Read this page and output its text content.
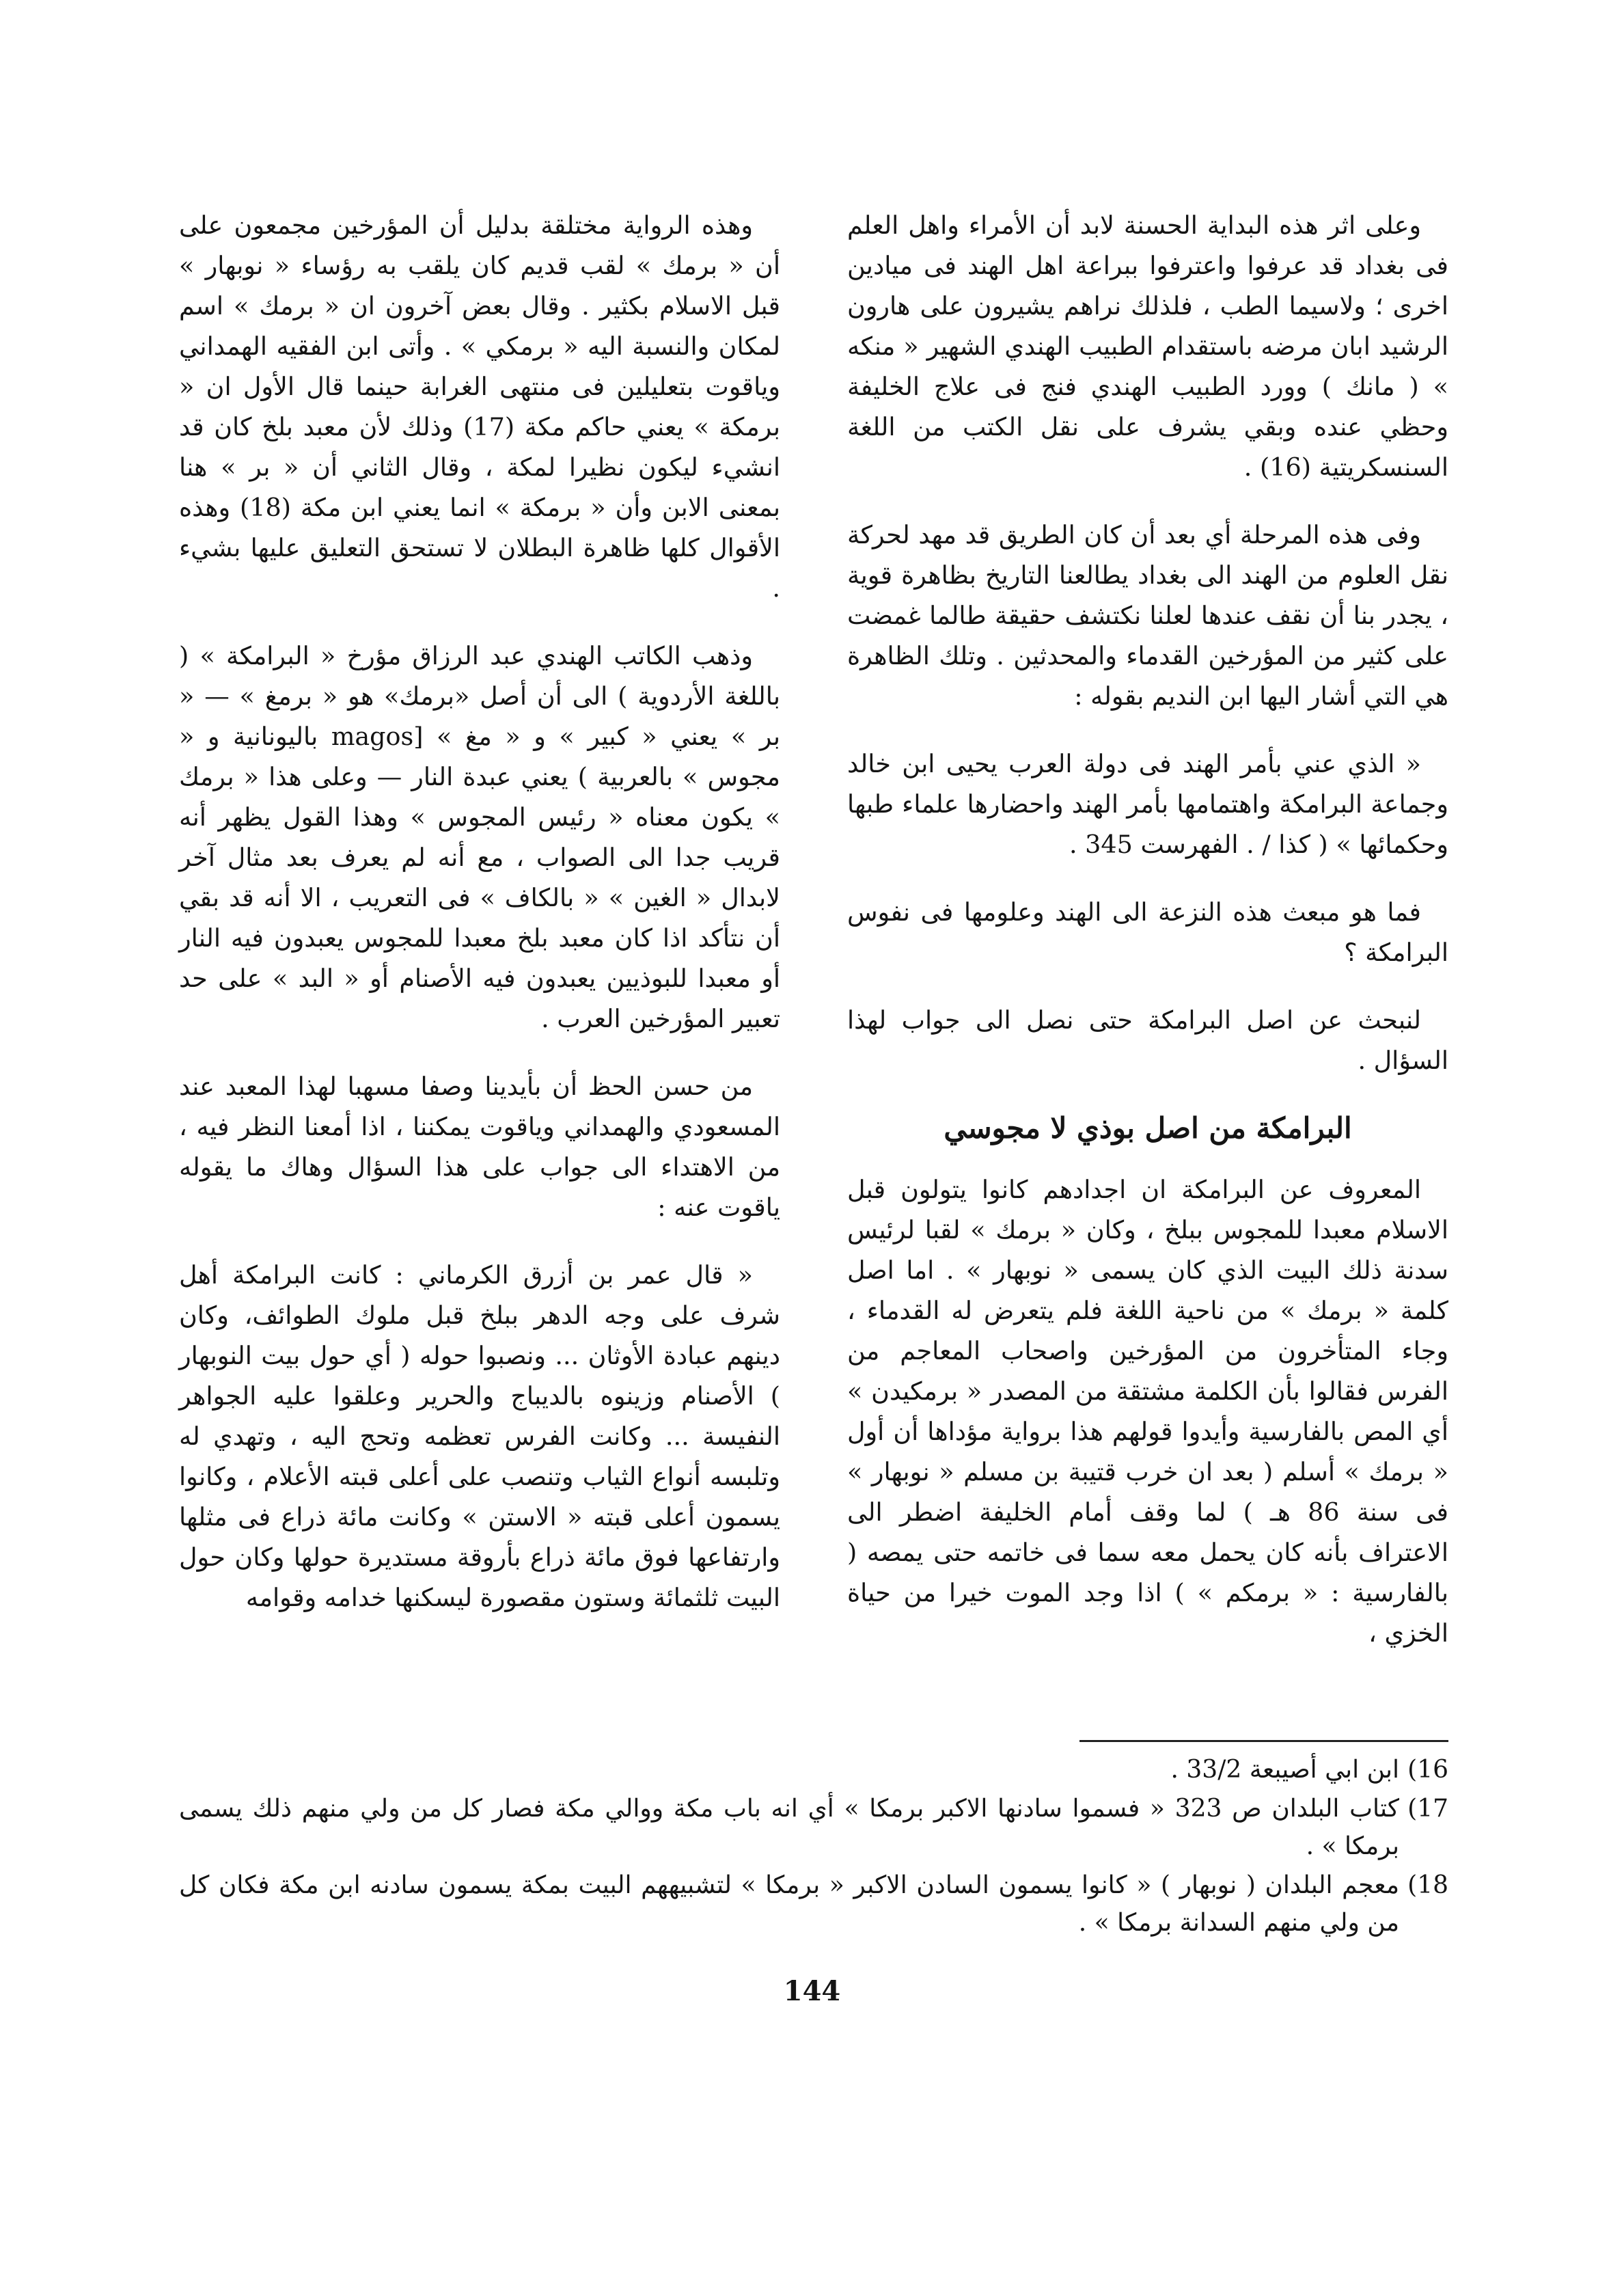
وعلى اثر هذه البداية الحسنة لابد أن الأمراء واهل العلم فى بغداد قد عرفوا واعترفوا ببراعة اهل الهند فى ميادين اخرى ؛ ولاسيما الطب ، فلذلك نراهم يشيرون على هارون الرشيد ابان مرضه باستقدام الطبيب الهندي الشهير « منكه » ( مانك ) وورد الطبيب الهندي فنج فى علاج الخليفة وحظي عنده وبقي يشرف على نقل الكتب من اللغة السنسكريتية (16) .

وفى هذه المرحلة أي بعد أن كان الطريق قد مهد لحركة نقل العلوم من الهند الى بغداد يطالعنا التاريخ بظاهرة قوية ، يجدر بنا أن نقف عندها لعلنا نكتشف حقيقة طالما غمضت على كثير من المؤرخين القدماء والمحدثين . وتلك الظاهرة هي التي أشار اليها ابن النديم بقوله :

« الذي عني بأمر الهند فى دولة العرب يحيى ابن خالد وجماعة البرامكة واهتمامها بأمر الهند واحضارها علماء طبها وحكمائها » ( كذا / . الفهرست 345 .

فما هو مبعث هذه النزعة الى الهند وعلومها فى نفوس البرامكة ؟

لنبحث عن اصل البرامكة حتى نصل الى جواب لهذا السؤال .

البرامكة من اصل بوذي لا مجوسي

المعروف عن البرامكة ان اجدادهم كانوا يتولون قبل الاسلام معبدا للمجوس ببلخ ، وكان « برمك » لقبا لرئيس سدنة ذلك البيت الذي كان يسمى « نوبهار » . اما اصل كلمة « برمك » من ناحية اللغة فلم يتعرض له القدماء ، وجاء المتأخرون من المؤرخين واصحاب المعاجم من الفرس فقالوا بأن الكلمة مشتقة من المصدر « برمكيدن » أي المص بالفارسية وأيدوا قولهم هذا برواية مؤداها أن أول « برمك » أسلم ( بعد ان خرب قتيبة بن مسلم « نوبهار » فى سنة 86 هـ ) لما وقف أمام الخليفة اضطر الى الاعتراف بأنه كان يحمل معه سما فى خاتمه حتى يمصه ( بالفارسية : « برمكم » ) اذا وجد الموت خيرا من حياة الخزي ،

وهذه الرواية مختلقة بدليل أن المؤرخين مجمعون على أن « برمك » لقب قديم كان يلقب به رؤساء « نوبهار » قبل الاسلام بكثير . وقال بعض آخرون ان « برمك » اسم لمكان والنسبة اليه « برمكي » . وأتى ابن الفقيه الهمداني وياقوت بتعليلين فى منتهى الغرابة حينما قال الأول ان « برمكة » يعني حاكم مكة (17) وذلك لأن معبد بلخ كان قد انشيء ليكون نظيرا لمكة ، وقال الثاني أن « بر » هنا بمعنى الابن وأن « برمكة » انما يعني ابن مكة (18) وهذه الأقوال كلها ظاهرة البطلان لا تستحق التعليق عليها بشيء .

وذهب الكاتب الهندي عبد الرزاق مؤرخ « البرامكة » ( باللغة الأردوية ) الى أن أصل «برمك» هو « برمغ » — « بر » يعني « كبير » و « مغ » [magos باليونانية و « مجوس » بالعربية ) يعني عبدة النار — وعلى هذا « برمك » يكون معناه « رئيس المجوس » وهذا القول يظهر أنه قريب جدا الى الصواب ، مع أنه لم يعرف بعد مثال آخر لابدال « الغين » « بالكاف » فى التعريب ، الا أنه قد بقي أن نتأكد اذا كان معبد بلخ معبدا للمجوس يعبدون فيه النار أو معبدا للبوذيين يعبدون فيه الأصنام أو « البد » على حد تعبير المؤرخين العرب .

من حسن الحظ أن بأيدينا وصفا مسهبا لهذا المعبد عند المسعودي والهمداني وياقوت يمكننا ، اذا أمعنا النظر فيه ، من الاهتداء الى جواب على هذا السؤال وهاك ما يقوله ياقوت عنه :

« قال عمر بن أزرق الكرماني : كانت البرامكة أهل شرف على وجه الدهر ببلخ قبل ملوك الطوائف، وكان دينهم عبادة الأوثان ... ونصبوا حوله ( أي حول بيت النوبهار ) الأصنام وزينوه بالديباج والحرير وعلقوا عليه الجواهر النفيسة ... وكانت الفرس تعظمه وتحج اليه ، وتهدي له وتلبسه أنواع الثياب وتنصب على أعلى قبته الأعلام ، وكانوا يسمون أعلى قبته « الاستن » وكانت مائة ذراع فى مثلها وارتفاعها فوق مائة ذراع بأروقة مستديرة حولها وكان حول البيت ثلثمائة وستون مقصورة ليسكنها خدامه وقوامه

16)
ابن ابي أصيبعة 33/2 .
17)
كتاب البلدان ص 323 « فسموا سادنها الاكبر برمكا » أي انه باب مكة ووالي مكة فصار كل من ولي منهم ذلك يسمى برمكا » .
18)
معجم البلدان ( نوبهار ) « كانوا يسمون السادن الاكبر « برمكا » لتشبيههم البيت بمكة يسمون سادنه ابن مكة فكان كل من ولي منهم السدانة برمكا » .
144
